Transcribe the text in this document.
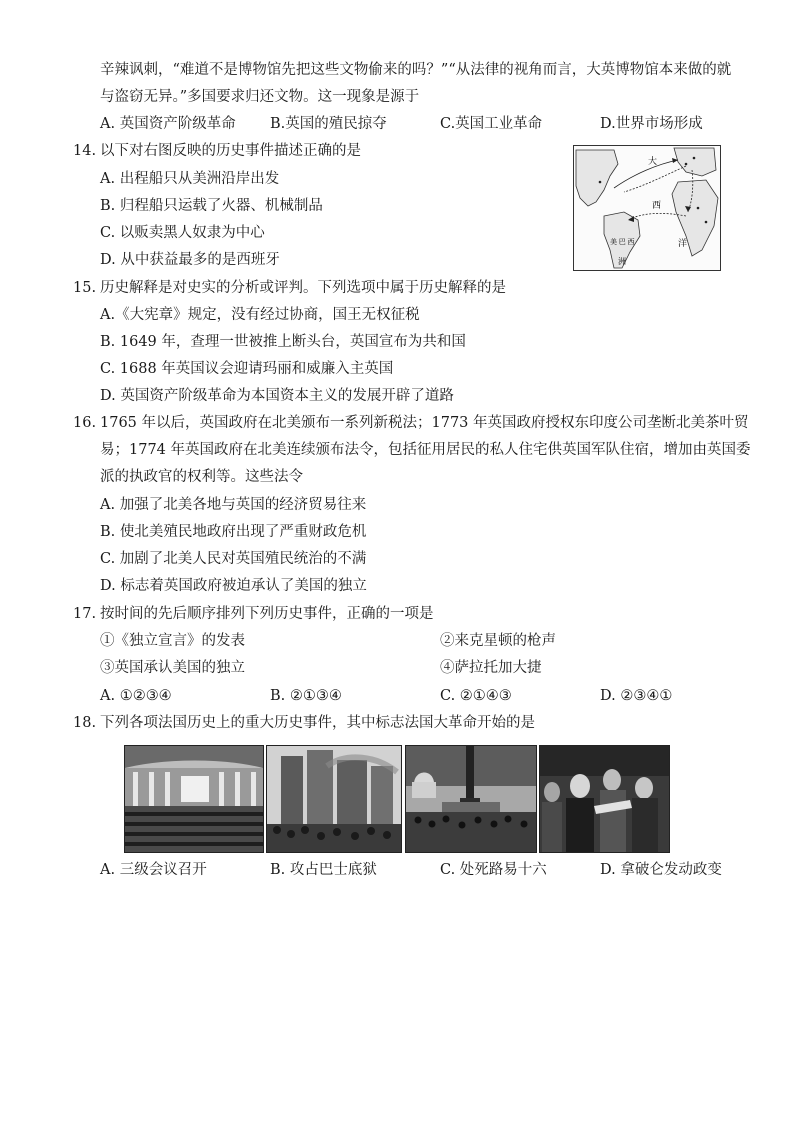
辛辣讽刺，“难道不是博物馆先把这些文物偷来的吗？”“从法律的视角而言，大英博物馆本来做的就
与盗窃无异。”多国要求归还文物。这一现象是源于
A. 英国资产阶级革命 B.英国的殖民掠夺	C.英国工业革命	D.世界市场形成
14. 以下对右图反映的历史事件描述正确的是
A. 出程船只从美洲沿岸出发
B. 归程船只运载了火器、机械制品
C. 以贩卖黑人奴隶为中心
D. 从中获益最多的是西班牙
大
西
洋
美 巴 西
洲
15. 历史解释是对史实的分析或评判。下列选项中属于历史解释的是
A.《大宪章》规定，没有经过协商，国王无权征税
B. 1649 年，查理一世被推上断头台，英国宣布为共和国
C. 1688 年英国议会迎请玛丽和威廉入主英国
D. 英国资产阶级革命为本国资本主义的发展开辟了道路
16. 1765 年以后，英国政府在北美颁布一系列新税法；1773 年英国政府授权东印度公司垄断北美茶叶贸
易；1774 年英国政府在北美连续颁布法令，包括征用居民的私人住宅供英国军队住宿，增加由英国委
派的执政官的权利等。这些法令
A. 加强了北美各地与英国的经济贸易往来
B. 使北美殖民地政府出现了严重财政危机
C. 加剧了北美人民对英国殖民统治的不满
D. 标志着英国政府被迫承认了美国的独立
17. 按时间的先后顺序排列下列历史事件，正确的一项是
①《独立宣言》的发表	②来克星顿的枪声
③英国承认美国的独立	④萨拉托加大捷
A. ①②③④	B. ②①③④	C. ②①④③	D. ②③④①
18. 下列各项法国历史上的重大历史事件，其中标志法国大革命开始的是
A. 三级会议召开	B. 攻占巴士底狱	C. 处死路易十六	D. 拿破仑发动政变
